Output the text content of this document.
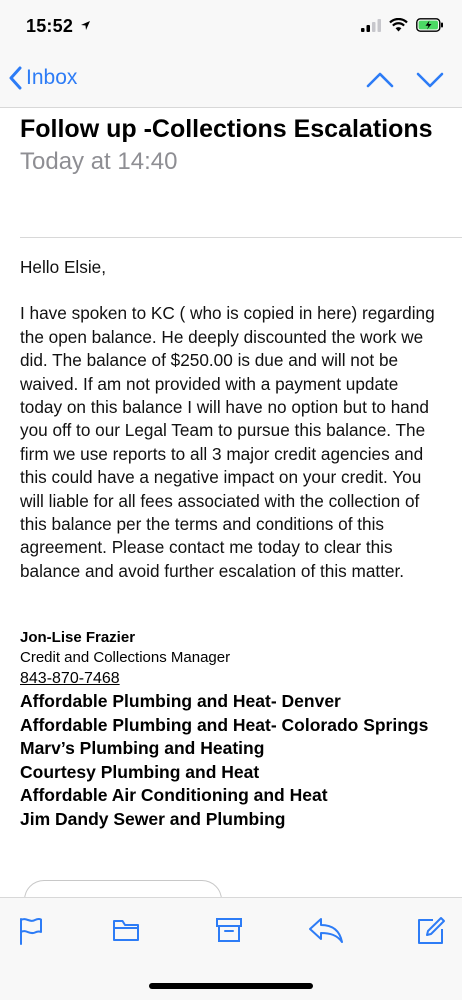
15:52
Inbox
Follow up -Collections Escalations
Today at 14:40
Hello Elsie,
I have spoken to KC ( who is copied in here) regarding the open balance. He deeply discounted the work we did. The balance of $250.00 is due and will not be waived. If am not provided with a payment update today on this balance I will have no option but to hand you off to our Legal Team to pursue this balance. The firm we use reports to all 3 major credit agencies and this could have a negative impact on your credit. You will liable for all fees associated with the collection of this balance per the terms and conditions of this agreement. Please contact me today to clear this balance and avoid further escalation of this matter.
Jon-Lise Frazier
Credit and Collections Manager
843-870-7468
Affordable Plumbing and Heat- Denver
Affordable Plumbing and Heat- Colorado Springs
Marv’s Plumbing and Heating
Courtesy Plumbing and Heat
Affordable Air Conditioning and Heat
Jim Dandy Sewer and Plumbing
